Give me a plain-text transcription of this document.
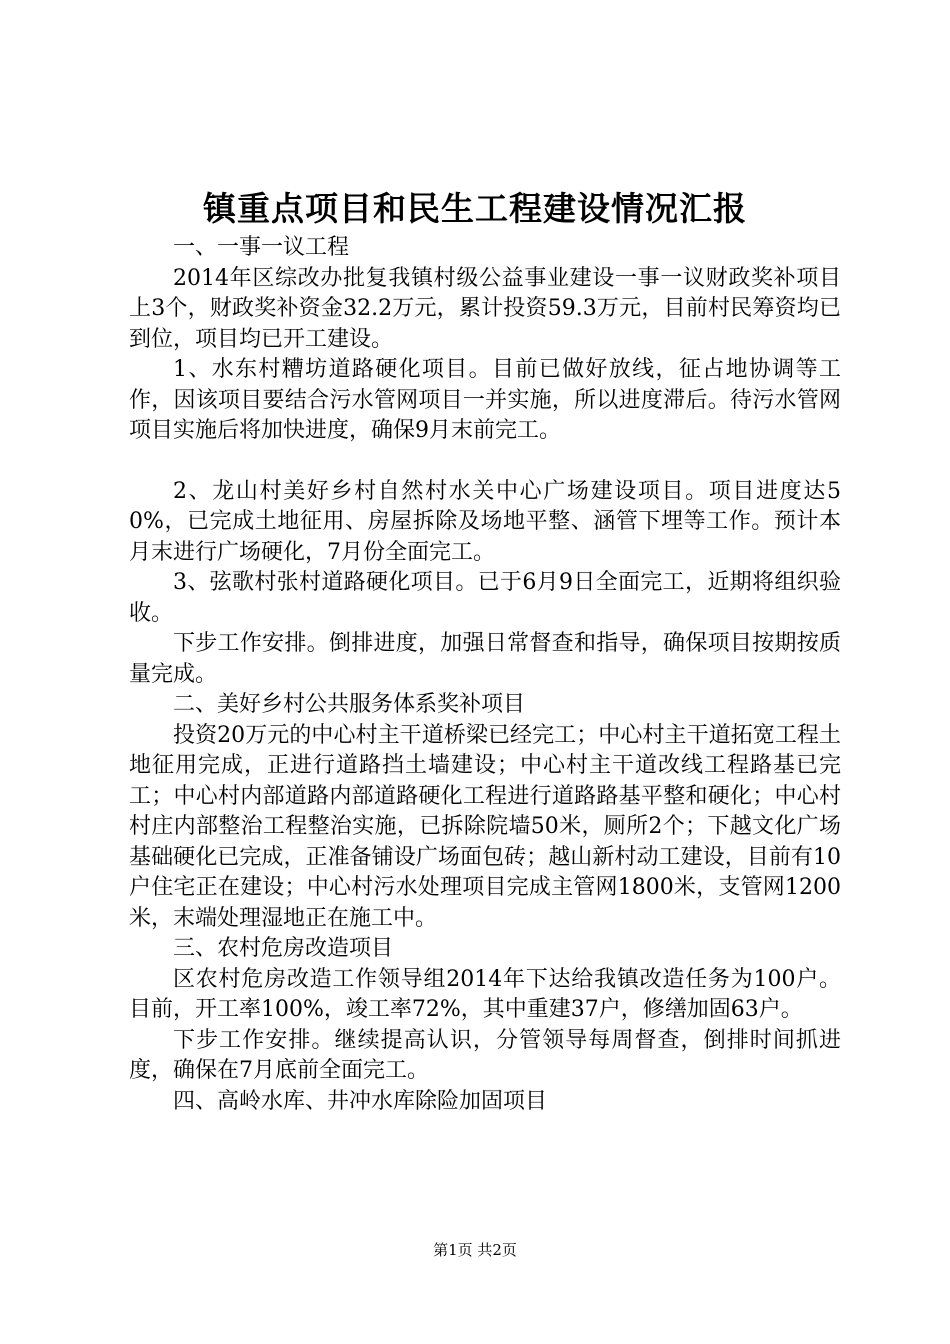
镇重点项目和民生工程建设情况汇报

一、一事一议工程

2014年区综改办批复我镇村级公益事业建设一事一议财政奖补项目上3个，财政奖补资金32.2万元，累计投资59.3万元，目前村民筹资均已到位，项目均已开工建设。

1、水东村糟坊道路硬化项目。目前已做好放线，征占地协调等工作，因该项目要结合污水管网项目一并实施，所以进度滞后。待污水管网项目实施后将加快进度，确保9月末前完工。

2、龙山村美好乡村自然村水关中心广场建设项目。项目进度达50%，已完成土地征用、房屋拆除及场地平整、涵管下埋等工作。预计本月末进行广场硬化，7月份全面完工。

3、弦歌村张村道路硬化项目。已于6月9日全面完工，近期将组织验收。

下步工作安排。倒排进度，加强日常督查和指导，确保项目按期按质量完成。

二、美好乡村公共服务体系奖补项目

投资20万元的中心村主干道桥梁已经完工；中心村主干道拓宽工程土地征用完成，正进行道路挡土墙建设；中心村主干道改线工程路基已完工；中心村内部道路内部道路硬化工程进行道路路基平整和硬化；中心村村庄内部整治工程整治实施，已拆除院墙50米，厕所2个；下越文化广场基础硬化已完成，正准备铺设广场面包砖；越山新村动工建设，目前有10户住宅正在建设；中心村污水处理项目完成主管网1800米，支管网1200米，末端处理湿地正在施工中。

三、农村危房改造项目

区农村危房改造工作领导组2014年下达给我镇改造任务为100户。目前，开工率100%，竣工率72%，其中重建37户，修缮加固63户。

下步工作安排。继续提高认识，分管领导每周督查，倒排时间抓进度，确保在7月底前全面完工。

四、高岭水库、井冲水库除险加固项目

第1页 共2页
